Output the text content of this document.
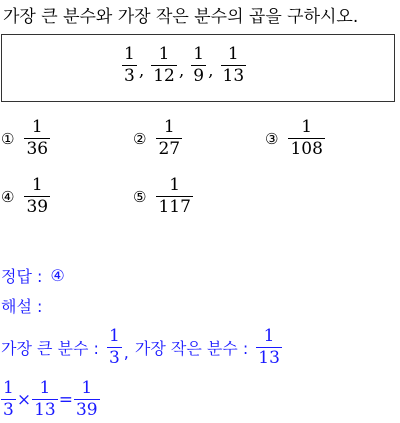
가장 큰 분수와 가장 작은 분수의 곱을 구하시오.
$\frac{1}{3}$ , $\frac{1}{12}$ , $\frac{1}{9}$ , $\frac{1}{13}$
① $\frac{1}{36}$	② $\frac{1}{27}$	③ $\frac{1}{108}$
④ $\frac{1}{39}$	⑤ $\frac{1}{117}$
정답 : ④
해설 :
가장 큰 분수 : $\frac{1}{3}$ , 가장 작은 분수 : $\frac{1}{13}$
$\frac{1}{3} \times \frac{1}{13} = \frac{1}{39}$
